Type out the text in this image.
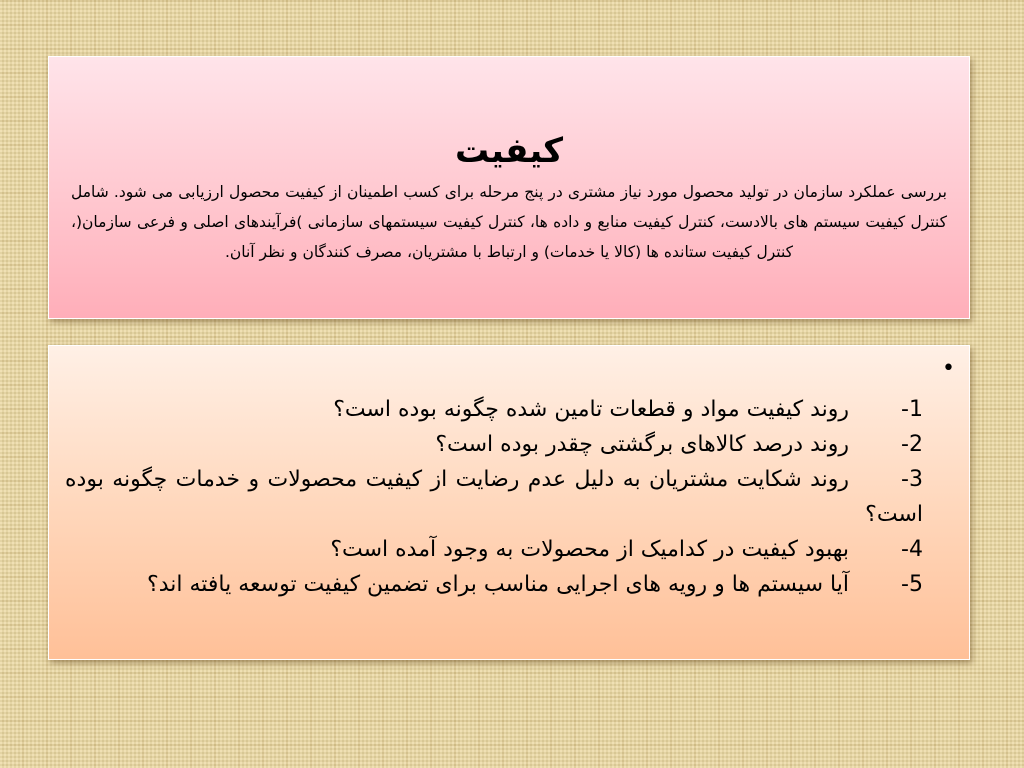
کیفیت

بررسی عملکرد سازمان در تولید محصول مورد نیاز مشتری در پنج مرحله برای کسب اطمینان از کیفیت محصول ارزیابی می شود. شامل کنترل کیفیت سیستم های بالادست، کنترل کیفیت منابع و داده ها، کنترل کیفیت سیستمهای سازمانی )فرآیندهای اصلی و فرعی سازمان(، کنترل کیفیت ستانده ها (کالا یا خدمات) و ارتباط با مشتریان، مصرف کنندگان و نظر آنان.

•
1-روند کیفیت مواد و قطعات تامین شده چگونه بوده است؟
2-روند درصد کالاهای برگشتی چقدر بوده است؟
3-روند شکایت مشتریان به دلیل عدم رضایت از کیفیت محصولات و خدمات چگونه بوده است؟
4-بهبود کیفیت در کدامیک از محصولات به وجود آمده است؟
5-آیا سیستم ها و رویه های اجرایی مناسب برای تضمین کیفیت توسعه یافته اند؟
